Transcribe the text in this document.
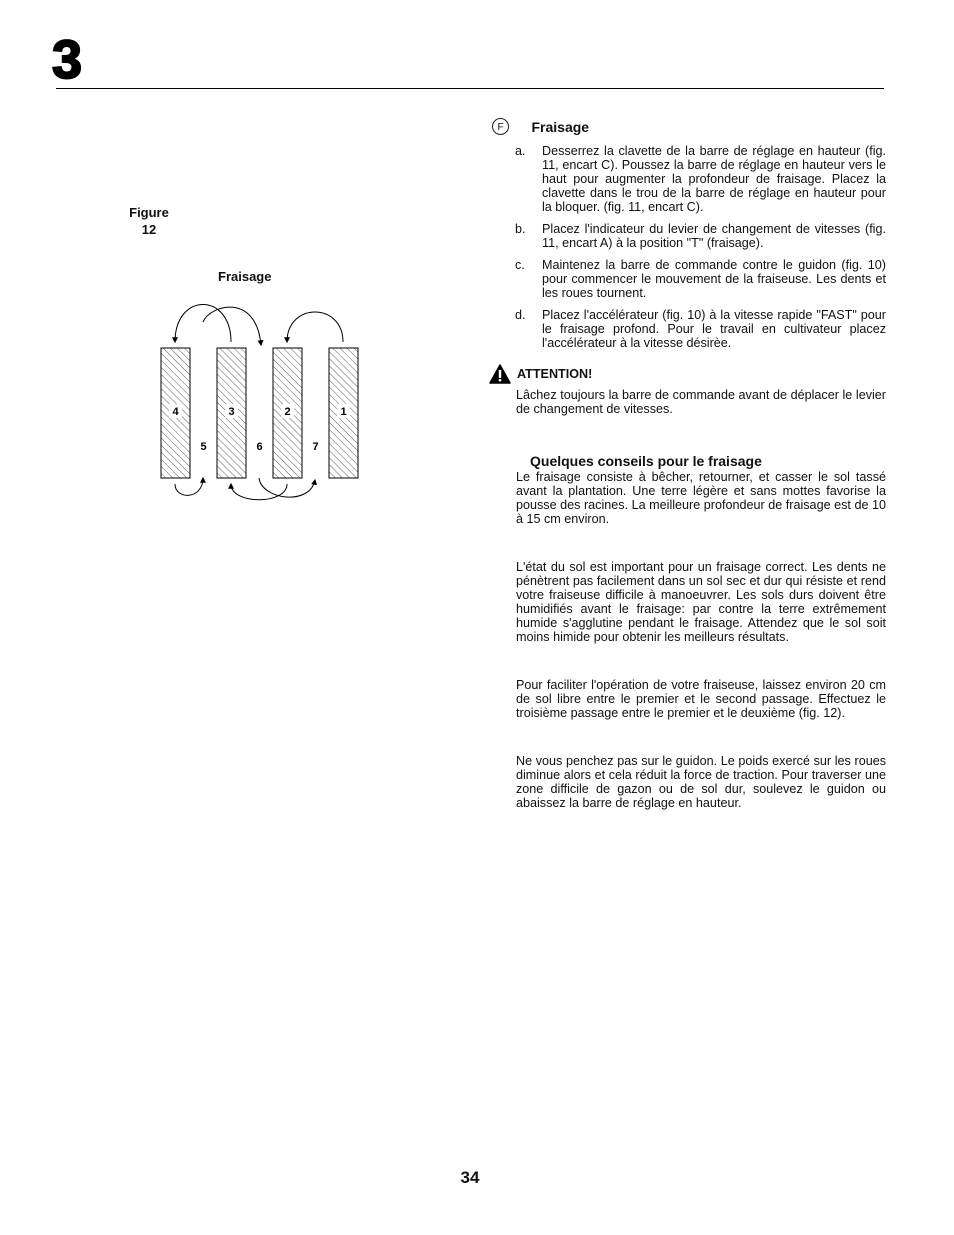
3
Figure
12
Fraisage
4	3	2	1
5	6	7
F Fraisage
a.	Desserrez la clavette de la barre de réglage en hauteur (fig. 11, encart C). Poussez la barre de réglage en hauteur vers le haut pour augmenter la profondeur de fraisage. Placez la clavette dans le trou de la barre de réglage en hauteur pour la bloquer. (fig. 11, encart C).
b.	Placez l'indicateur du levier de changement de vitesses (fig. 11, encart A) à la position "T" (fraisage).
c.	Maintenez la barre de commande contre le guidon (fig. 10) pour commencer le mouvement de la fraiseuse. Les dents et les roues tournent.
d.	Placez l'accélérateur (fig. 10) à la vitesse rapide "FAST" pour le fraisage profond. Pour le travail en cultivateur placez l'accélérateur à la vitesse désirèe.
ATTENTION!
Lâchez toujours la barre de commande avant de déplacer le levier de changement de vitesses.
Quelques conseils pour le fraisage

Le fraisage consiste à bêcher, retourner, et casser le sol tassé avant la plantation. Une terre légère et sans mottes favorise la pousse des racines. La meilleure profondeur de fraisage est de 10 à 15 cm environ.

L'état du sol est important pour un fraisage correct. Les dents ne pénètrent pas facilement dans un sol sec et dur qui résiste et rend votre fraiseuse difficile à manoeuvrer. Les sols durs doivent être humidifiés avant le fraisage: par contre la terre extrêmement humide s'agglutine pendant le fraisage. Attendez que le sol soit moins himide pour obtenir les meilleurs résultats.

Pour faciliter l'opération de votre fraiseuse, laissez environ 20 cm de sol libre entre le premier et le second passage. Effectuez le troisième passage entre le premier et le deuxième (fig. 12).

Ne vous penchez pas sur le guidon. Le poids exercé sur les roues diminue alors et cela réduit la force de traction. Pour traverser une zone difficile de gazon ou de sol dur, soulevez le guidon ou abaissez la barre de réglage en hauteur.

34
